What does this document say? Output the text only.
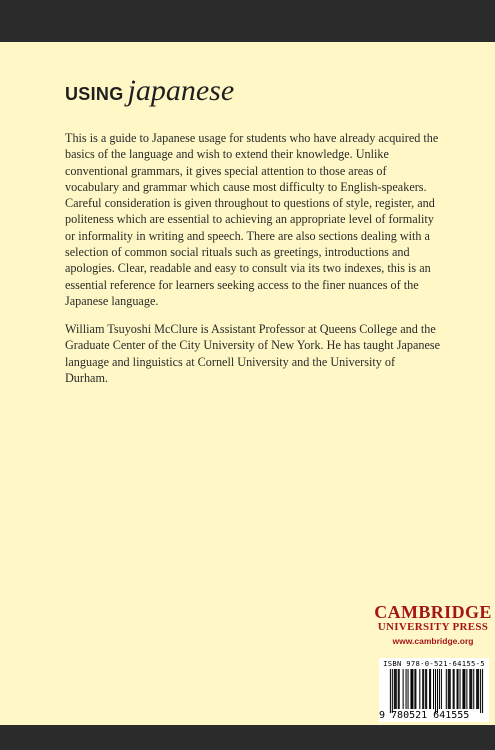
USING japanese

This is a guide to Japanese usage for students who have already acquired the basics of the language and wish to extend their knowledge. Unlike conventional grammars, it gives special attention to those areas of vocabulary and grammar which cause most difficulty to English-speakers. Careful consideration is given throughout to questions of style, register, and politeness which are essential to achieving an appropriate level of formality or informality in writing and speech. There are also sections dealing with a selection of common social rituals such as greetings, introductions and apologies. Clear, readable and easy to consult via its two indexes, this is an essential reference for learners seeking access to the finer nuances of the Japanese language.

William Tsuyoshi McClure is Assistant Professor at Queens College and the Graduate Center of the City University of New York. He has taught Japanese language and linguistics at Cornell University and the University of Durham.

CAMBRIDGE
UNIVERSITY PRESS
www.cambridge.org
ISBN 978-0-521-64155-5
9 780521 641555
